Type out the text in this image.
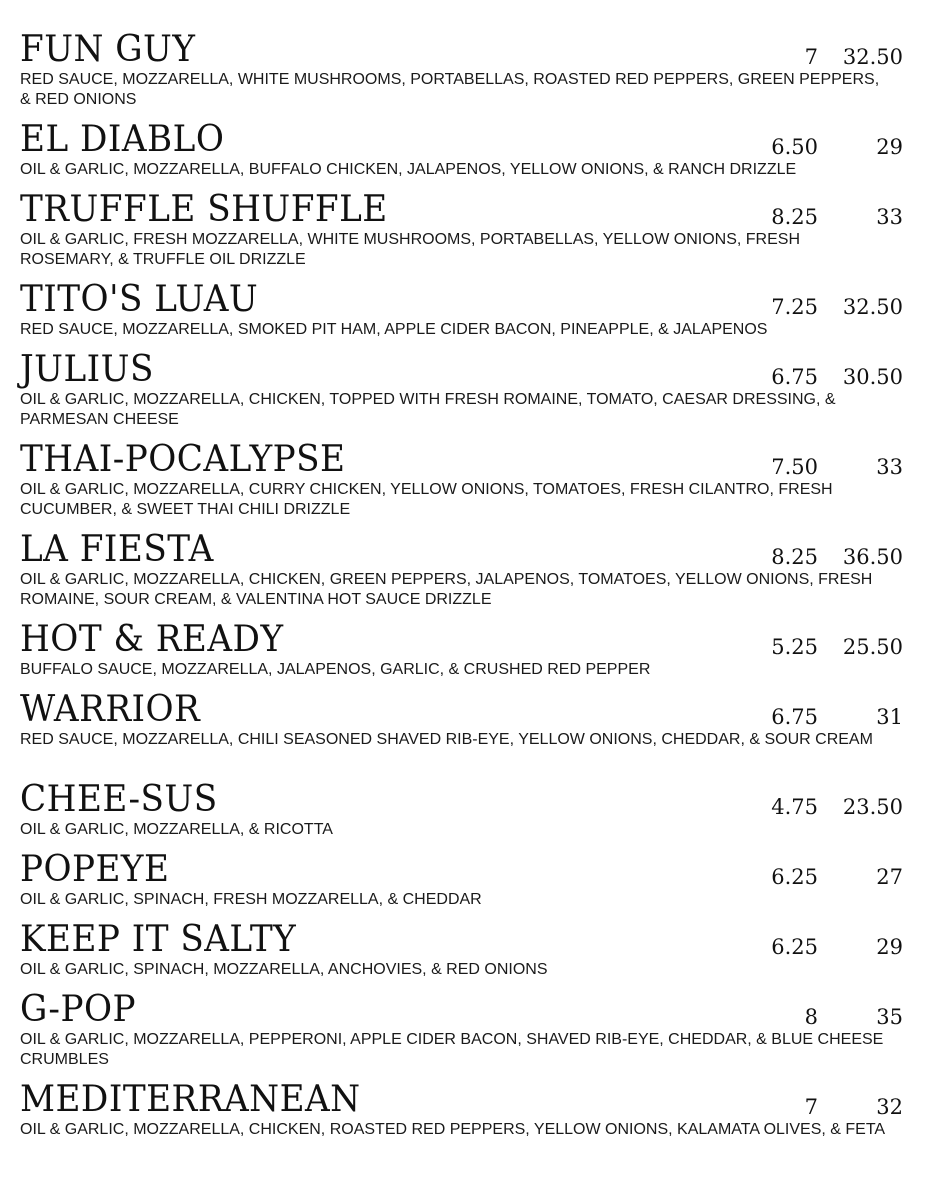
FUN GUY
RED SAUCE, MOZZARELLA, WHITE MUSHROOMS, PORTABELLAS, ROASTED RED PEPPERS, GREEN PEPPERS, & RED ONIONS
7	32.50
EL DIABLO
OIL & GARLIC, MOZZARELLA, BUFFALO CHICKEN, JALAPENOS, YELLOW ONIONS, & RANCH DRIZZLE
6.50	29
TRUFFLE SHUFFLE
OIL & GARLIC, FRESH MOZZARELLA, WHITE MUSHROOMS, PORTABELLAS, YELLOW ONIONS, FRESH ROSEMARY, & TRUFFLE OIL DRIZZLE
8.25	33
TITO'S LUAU
RED SAUCE, MOZZARELLA, SMOKED PIT HAM, APPLE CIDER BACON, PINEAPPLE, & JALAPENOS
7.25	32.50
JULIUS
OIL & GARLIC, MOZZARELLA, CHICKEN, TOPPED WITH FRESH ROMAINE, TOMATO, CAESAR DRESSING, & PARMESAN CHEESE
6.75	30.50
THAI-POCALYPSE
OIL & GARLIC, MOZZARELLA, CURRY CHICKEN, YELLOW ONIONS, TOMATOES, FRESH CILANTRO, FRESH CUCUMBER, & SWEET THAI CHILI DRIZZLE
7.50	33
LA FIESTA
OIL & GARLIC, MOZZARELLA, CHICKEN, GREEN PEPPERS, JALAPENOS, TOMATOES, YELLOW ONIONS, FRESH ROMAINE, SOUR CREAM, & VALENTINA HOT SAUCE DRIZZLE
8.25	36.50
HOT & READY
BUFFALO SAUCE, MOZZARELLA, JALAPENOS, GARLIC, & CRUSHED RED PEPPER
5.25	25.50
WARRIOR
RED SAUCE, MOZZARELLA, CHILI SEASONED SHAVED RIB-EYE, YELLOW ONIONS, CHEDDAR, & SOUR CREAM
6.75	31
CHEE-SUS
OIL & GARLIC, MOZZARELLA, & RICOTTA
4.75	23.50
POPEYE
OIL & GARLIC, SPINACH, FRESH MOZZARELLA, & CHEDDAR
6.25	27
KEEP IT SALTY
OIL & GARLIC, SPINACH, MOZZARELLA, ANCHOVIES, & RED ONIONS
6.25	29
G-POP
OIL & GARLIC, MOZZARELLA, PEPPERONI, APPLE CIDER BACON, SHAVED RIB-EYE, CHEDDAR, & BLUE CHEESE CRUMBLES
8	35
MEDITERRANEAN
OIL & GARLIC, MOZZARELLA, CHICKEN, ROASTED RED PEPPERS, YELLOW ONIONS, KALAMATA OLIVES, & FETA
7	32
